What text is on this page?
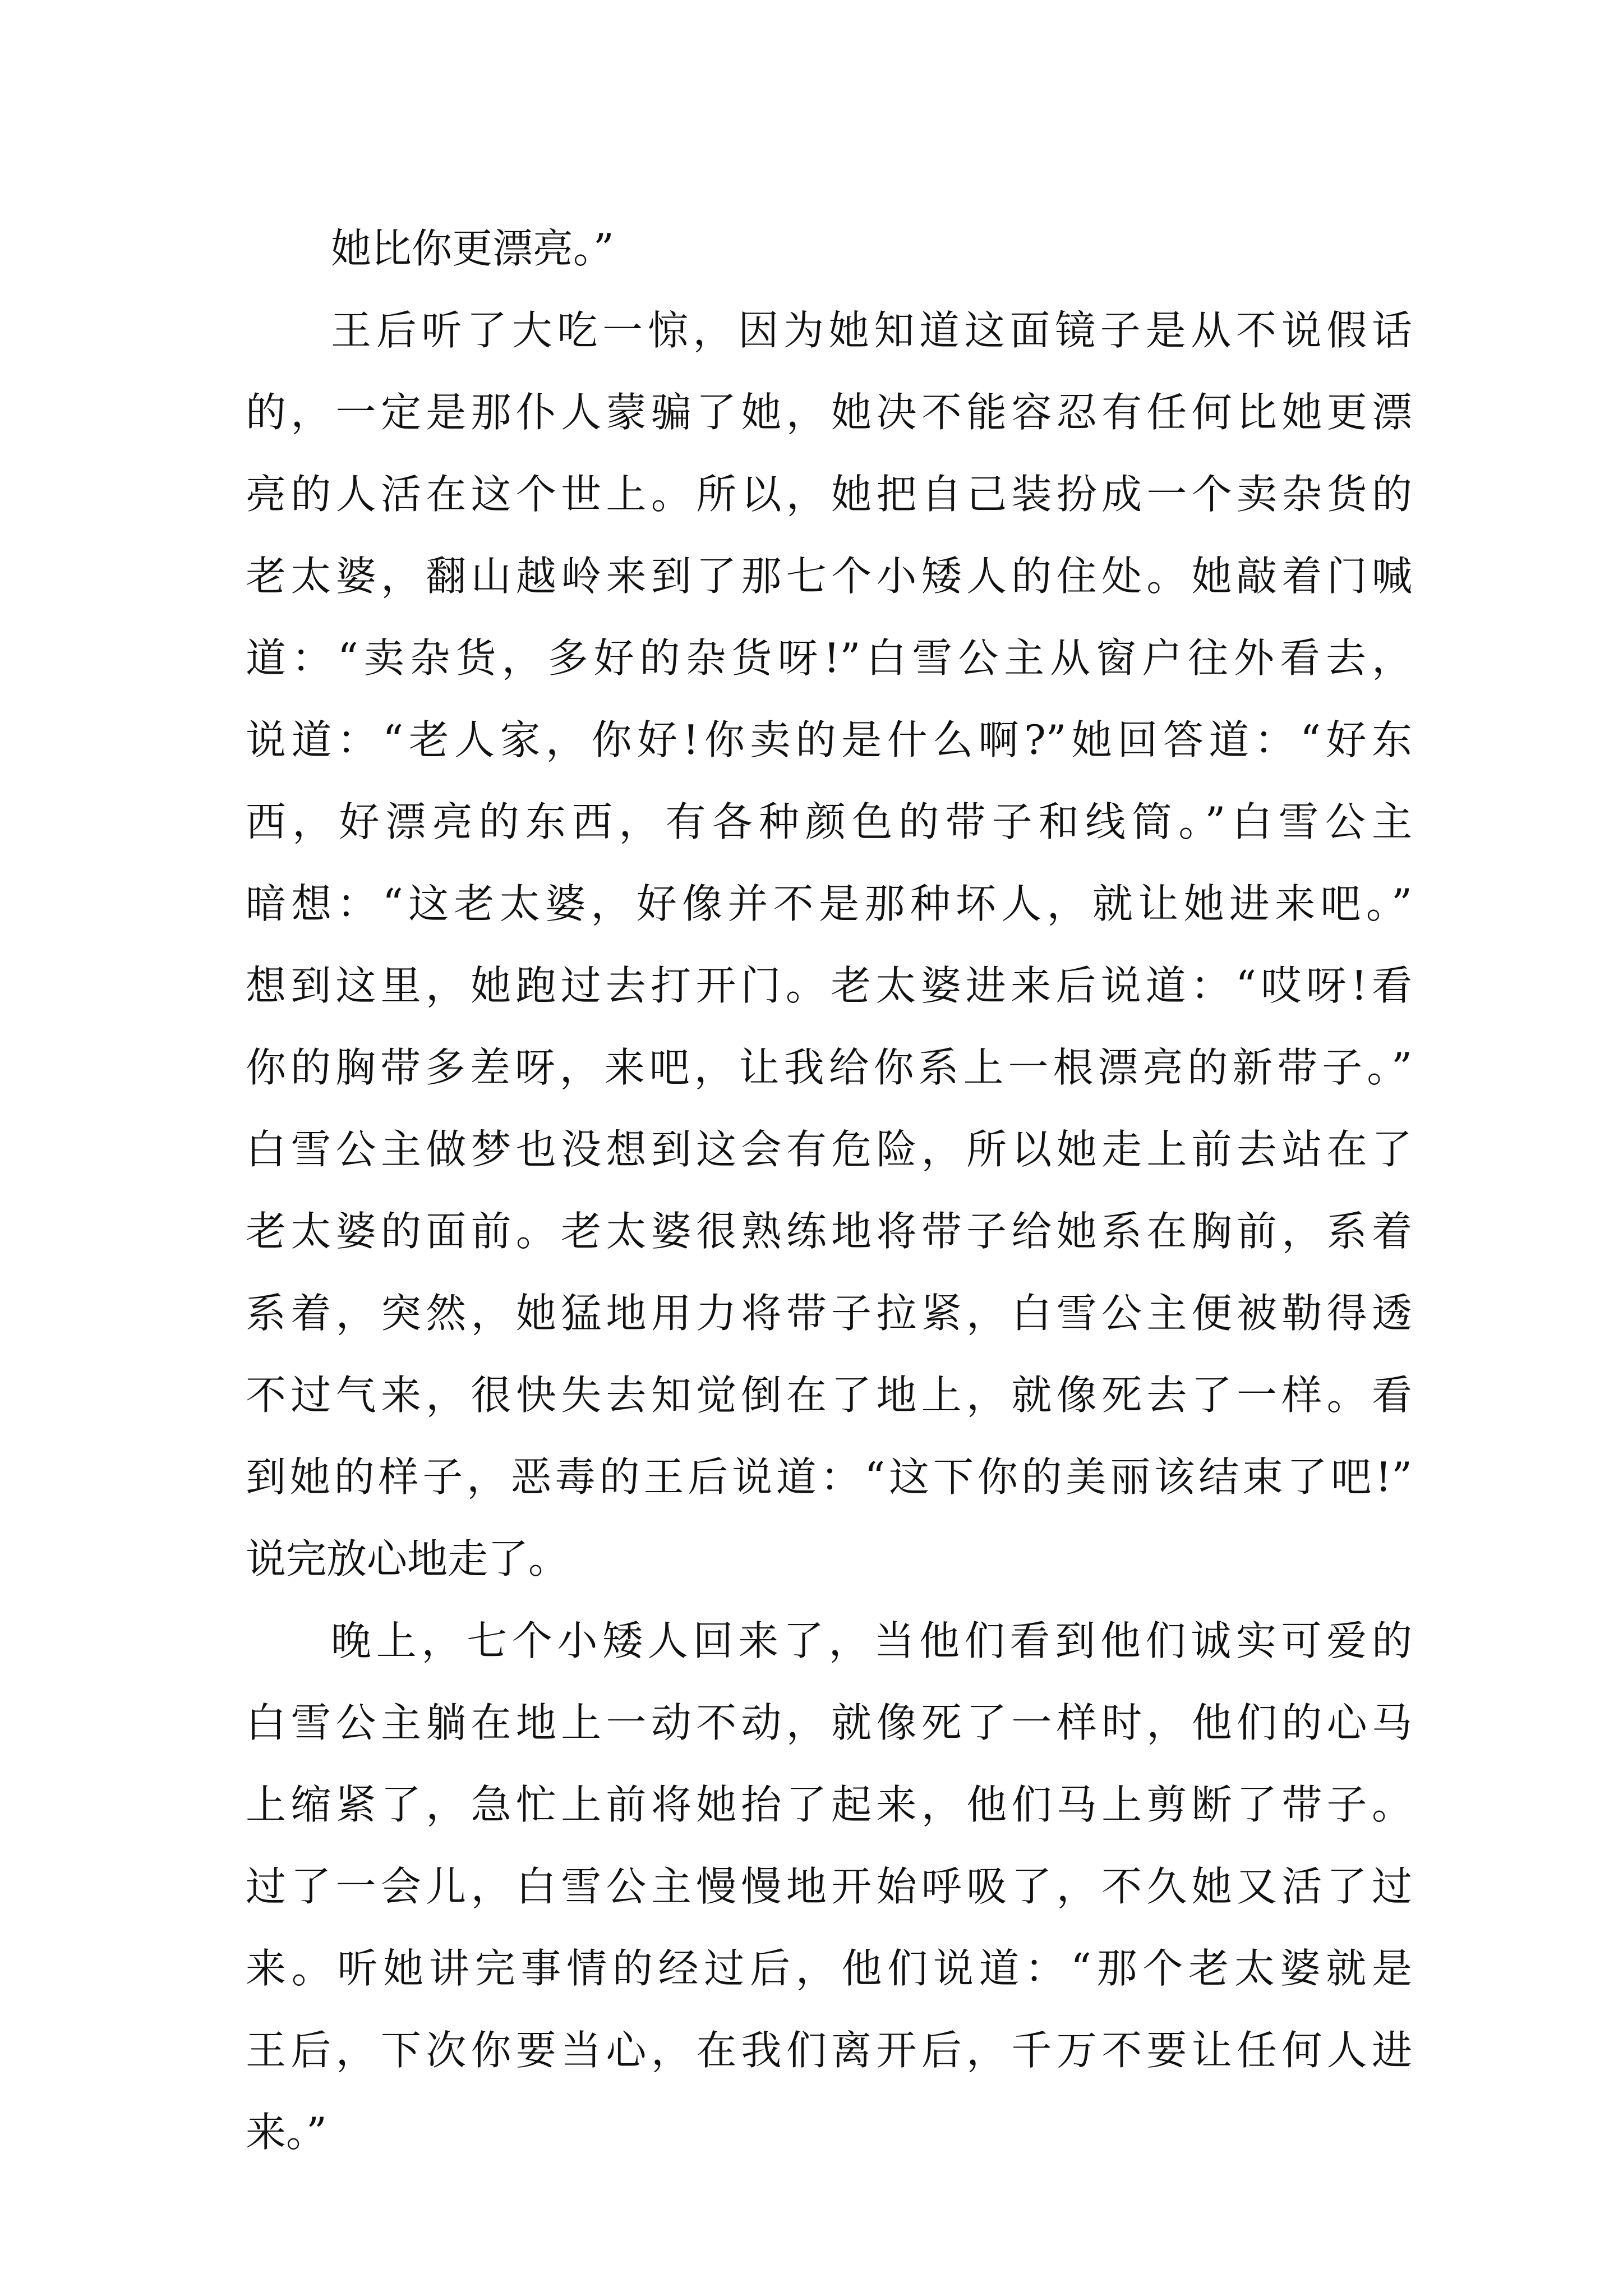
她比你更漂亮。”
王后听了大吃一惊，因为她知道这面镜子是从不说假话
的，一定是那仆人蒙骗了她，她决不能容忍有任何比她更漂
亮的人活在这个世上。所以，她把自己装扮成一个卖杂货的
老太婆，翻山越岭来到了那七个小矮人的住处。她敲着门喊
道：“卖杂货，多好的杂货呀!”白雪公主从窗户往外看去，
说道：“老人家，你好!你卖的是什么啊?”她回答道：“好东
西，好漂亮的东西，有各种颜色的带子和线筒。”白雪公主
暗想：“这老太婆，好像并不是那种坏人，就让她进来吧。”
想到这里，她跑过去打开门。老太婆进来后说道：“哎呀!看
你的胸带多差呀，来吧，让我给你系上一根漂亮的新带子。”
白雪公主做梦也没想到这会有危险，所以她走上前去站在了
老太婆的面前。老太婆很熟练地将带子给她系在胸前，系着
系着，突然，她猛地用力将带子拉紧，白雪公主便被勒得透
不过气来，很快失去知觉倒在了地上，就像死去了一样。看
到她的样子，恶毒的王后说道：“这下你的美丽该结束了吧!”
说完放心地走了。
晚上，七个小矮人回来了，当他们看到他们诚实可爱的
白雪公主躺在地上一动不动，就像死了一样时，他们的心马
上缩紧了，急忙上前将她抬了起来，他们马上剪断了带子。
过了一会儿，白雪公主慢慢地开始呼吸了，不久她又活了过
来。听她讲完事情的经过后，他们说道：“那个老太婆就是
王后，下次你要当心，在我们离开后，千万不要让任何人进
来。”
